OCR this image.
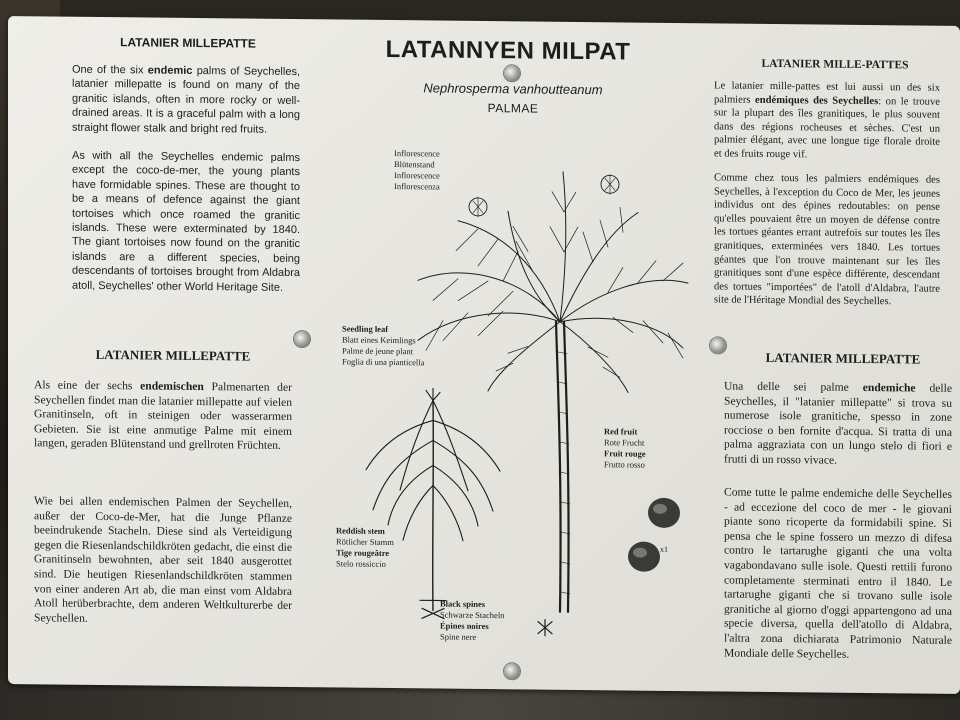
LATANNYEN MILPAT
Nephrosperma vanhoutteanum
PALMAE
LATANIER MILLEPATTE
One of the six endemic palms of Seychelles, latanier millepatte is found on many of the granitic islands, often in more rocky or well-drained areas. It is a graceful palm with a long straight flower stalk and bright red fruits.
As with all the Seychelles endemic palms except the coco-de-mer, the young plants have formidable spines. These are thought to be a means of defence against the giant tortoises which once roamed the granitic islands. These were exterminated by 1840. The giant tortoises now found on the granitic islands are a different species, being descendants of tortoises brought from Aldabra atoll, Seychelles' other World Heritage Site.
LATANIER MILLEPATTE
Als eine der sechs endemischen Palmenarten der Seychellen findet man die latanier millepatte auf vielen Granitinseln, oft in steinigen oder wasserarmen Gebieten. Sie ist eine anmutige Palme mit einem langen, geraden Blütenstand und grellroten Früchten.
Wie bei allen endemischen Palmen der Seychellen, außer der Coco-de-Mer, hat die Junge Pflanze beeindrukende Stacheln. Diese sind als Verteidigung gegen die Riesenlandschildkröten gedacht, die einst die Granitinseln bewohnten, aber seit 1840 ausgerottet sind. Die heutigen Riesenlandschildkröten stammen von einer anderen Art ab, die man einst vom Aldabra Atoll herüberbrachte, dem anderen Weltkulturerbe der Seychellen.
LATANIER MILLE-PATTES
Le latanier mille-pattes est lui aussi un des six palmiers endémiques des Seychelles: on le trouve sur la plupart des îles granitiques, le plus souvent dans des régions rocheuses et sèches. C'est un palmier élégant, avec une longue tige florale droite et des fruits rouge vif.
Comme chez tous les palmiers endémiques des Seychelles, à l'exception du Coco de Mer, les jeunes individus ont des épines redoutables: on pense qu'elles pouvaient être un moyen de défense contre les tortues géantes errant autrefois sur toutes les îles granitiques, exterminées vers 1840. Les tortues géantes que l'on trouve maintenant sur les îles granitiques sont d'une espèce différente, descendant des tortues "importées" de l'atoll d'Aldabra, l'autre site de l'Héritage Mondial des Seychelles.
LATANIER MILLEPATTE
Una delle sei palme endemiche delle Seychelles, il "latanier millepatte" si trova su numerose isole granitiche, spesso in zone rocciose o ben fornite d'acqua. Si tratta di una palma aggraziata con un lungo stelo di fiori e frutti di un rosso vivace.
Come tutte le palme endemiche delle Seychelles - ad eccezione del coco de mer - le giovani piante sono ricoperte da formidabili spine. Si pensa che le spine fossero un mezzo di difesa contro le tartarughe giganti che una volta vagabondavano sulle isole. Questi rettili furono completamente sterminati entro il 1840. Le tartarughe giganti che si trovano sulle isole granitiche al giorno d'oggi appartengono ad una specie diversa, quella dell'atollo di Aldabra, l'altra zona dichiarata Patrimonio Naturale Mondiale delle Seychelles.
Inflorescence
Blütenstand
Inflorescence
Inflorescenza
Seedling leaf
Blatt eines Keimlings
Palme de jeune plant
Foglia di una pianticella
Red fruit
Rote Frucht
Fruit rouge
Frutto rosso
Reddish stem
Rötlicher Stamm
Tige rougeâtre
Stelo rossiccio
Black spines
Schwarze Stacheln
Épines noires
Spine nere
x1
